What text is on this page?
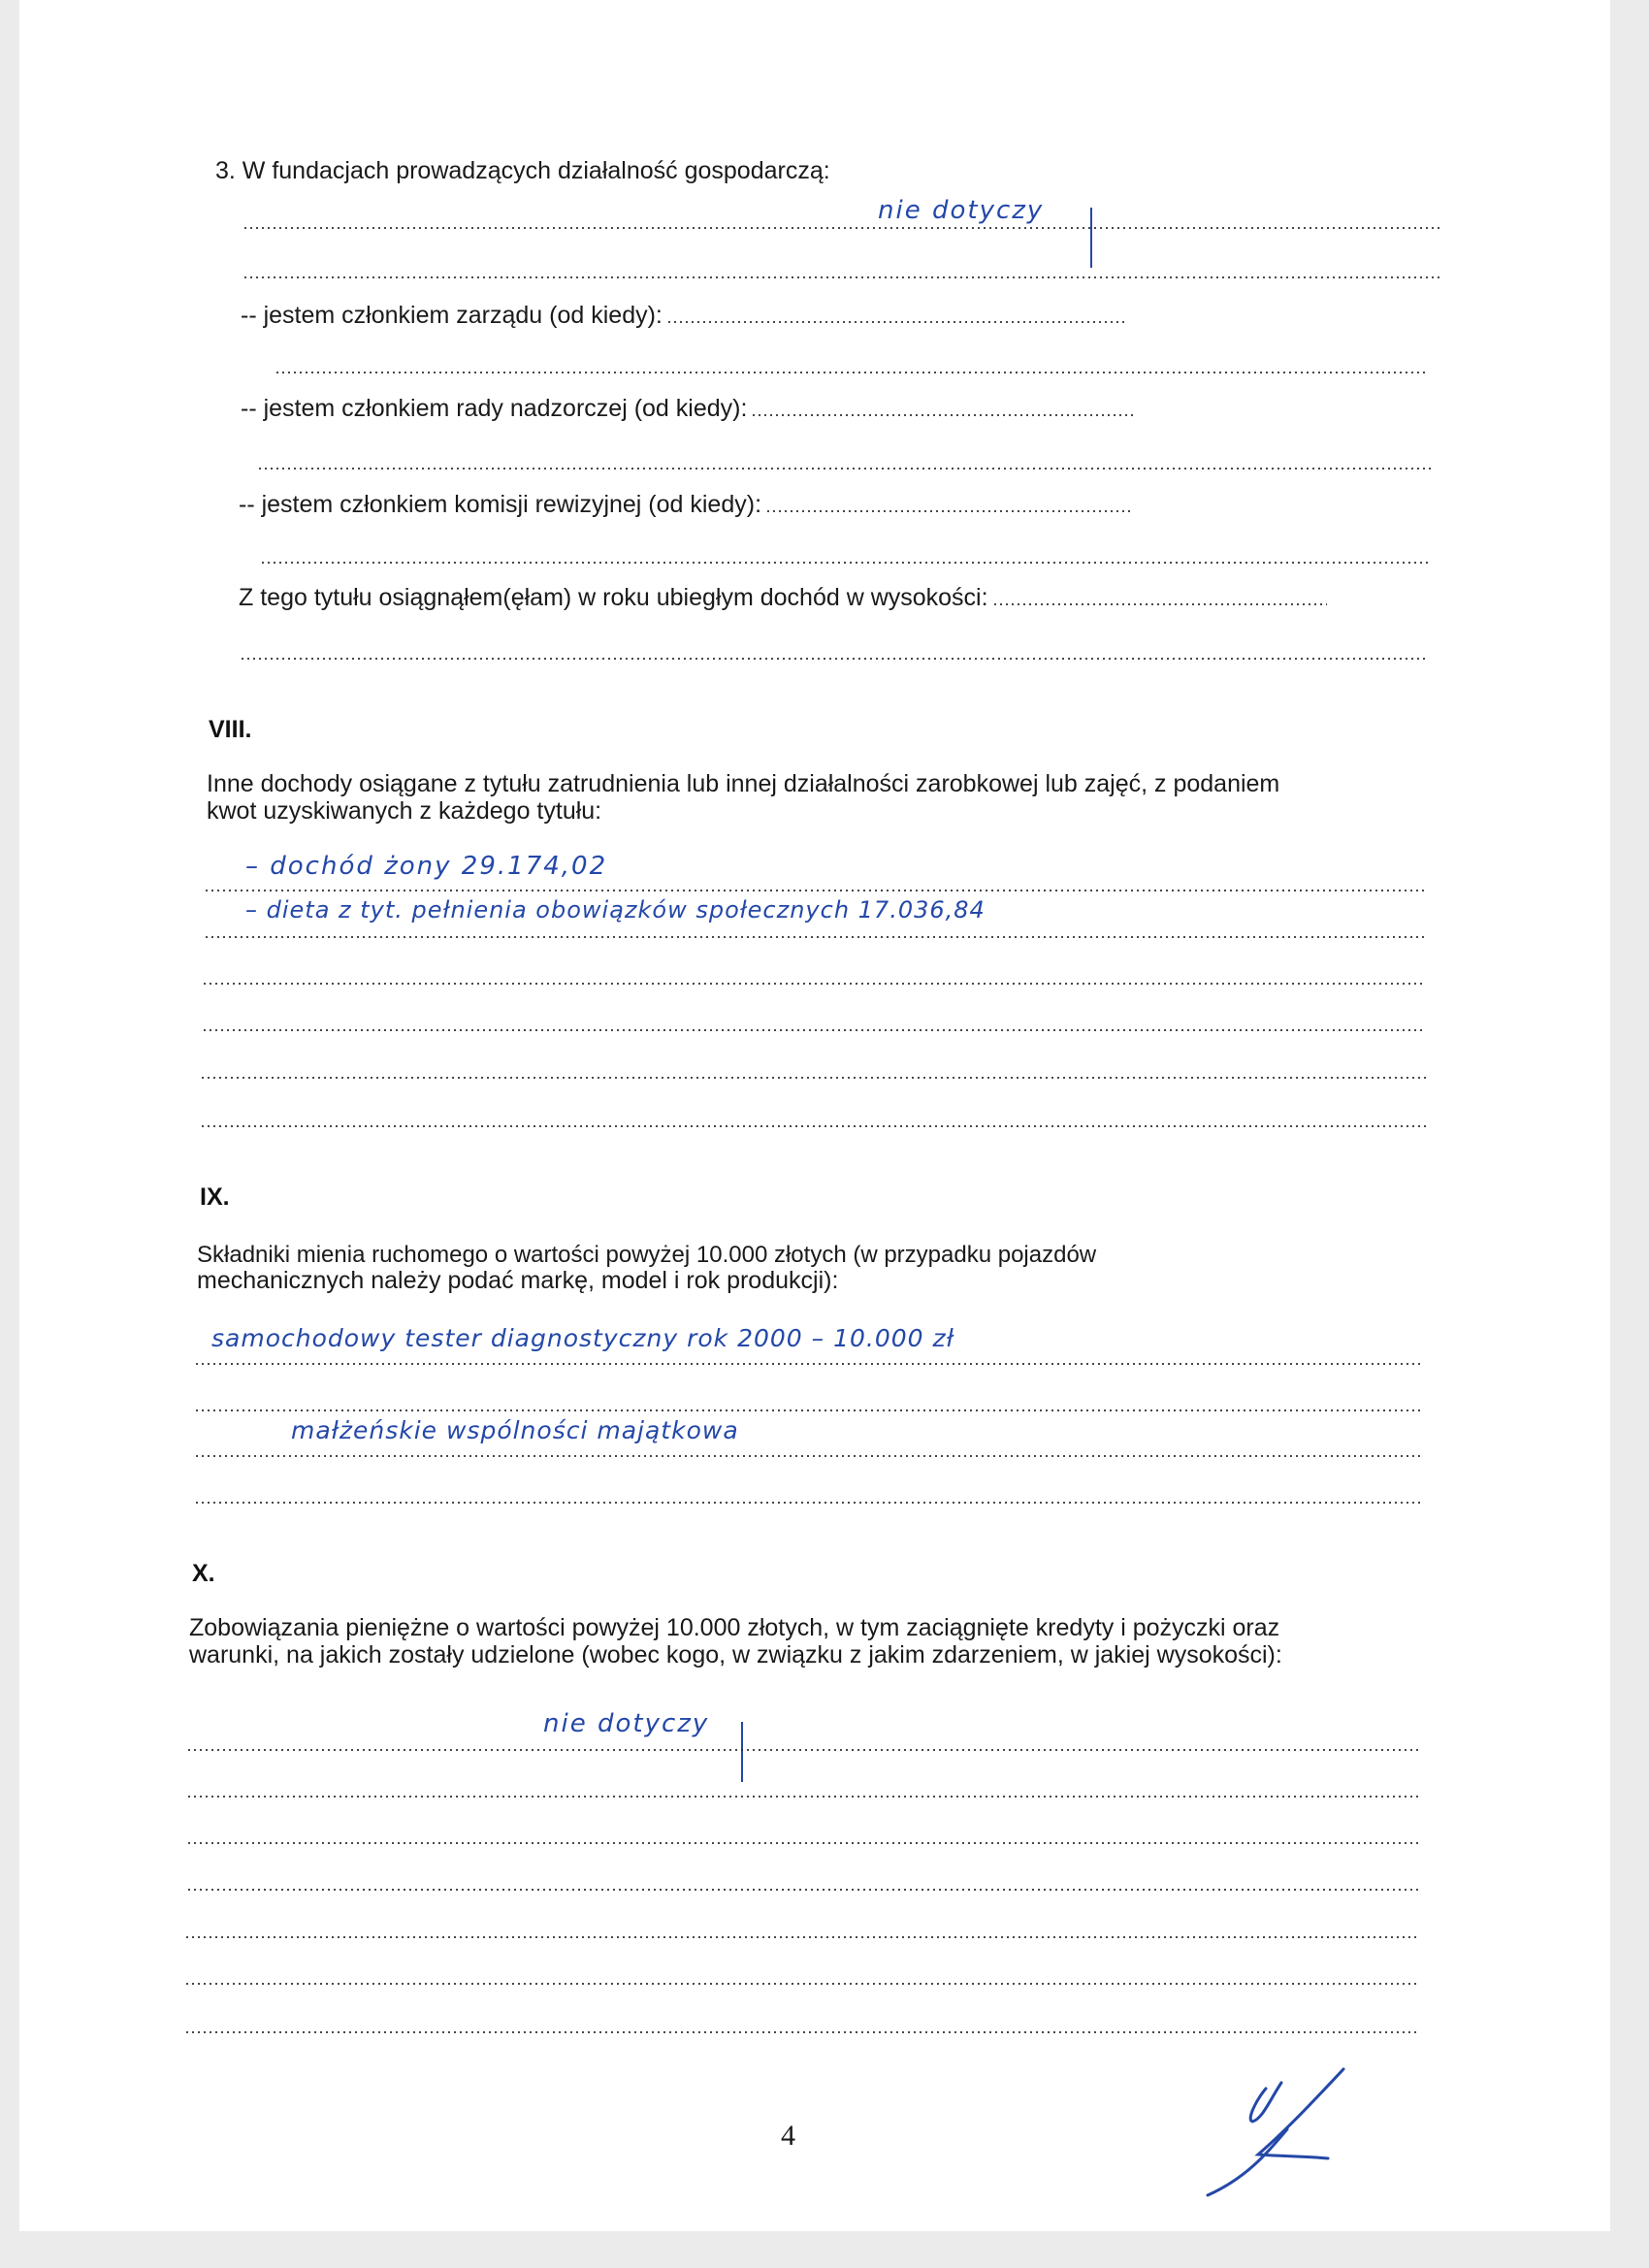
3. W fundacjach prowadzących działalność gospodarczą:

nie dotyczy

-- jestem członkiem zarządu (od kiedy):

-- jestem członkiem rady nadzorczej (od kiedy):

-- jestem członkiem komisji rewizyjnej (od kiedy):

Z tego tytułu osiągnąłem(ęłam) w roku ubiegłym dochód w wysokości:

VIII.

Inne dochody osiągane z tytułu zatrudnienia lub innej działalności zarobkowej lub zajęć, z podaniem

kwot uzyskiwanych z każdego tytułu:

– dochód żony 29.174,02

– dieta z tyt. pełnienia obowiązków społecznych 17.036,84

IX.

Składniki mienia ruchomego o wartości powyżej 10.000 złotych (w przypadku pojazdów

mechanicznych należy podać markę, model i rok produkcji):

samochodowy tester diagnostyczny rok 2000 – 10.000 zł

małżeńskie wspólności majątkowa

X.

Zobowiązania pieniężne o wartości powyżej 10.000 złotych, w tym zaciągnięte kredyty i pożyczki oraz

warunki, na jakich zostały udzielone (wobec kogo, w związku z jakim zdarzeniem, w jakiej wysokości):

nie dotyczy

4
